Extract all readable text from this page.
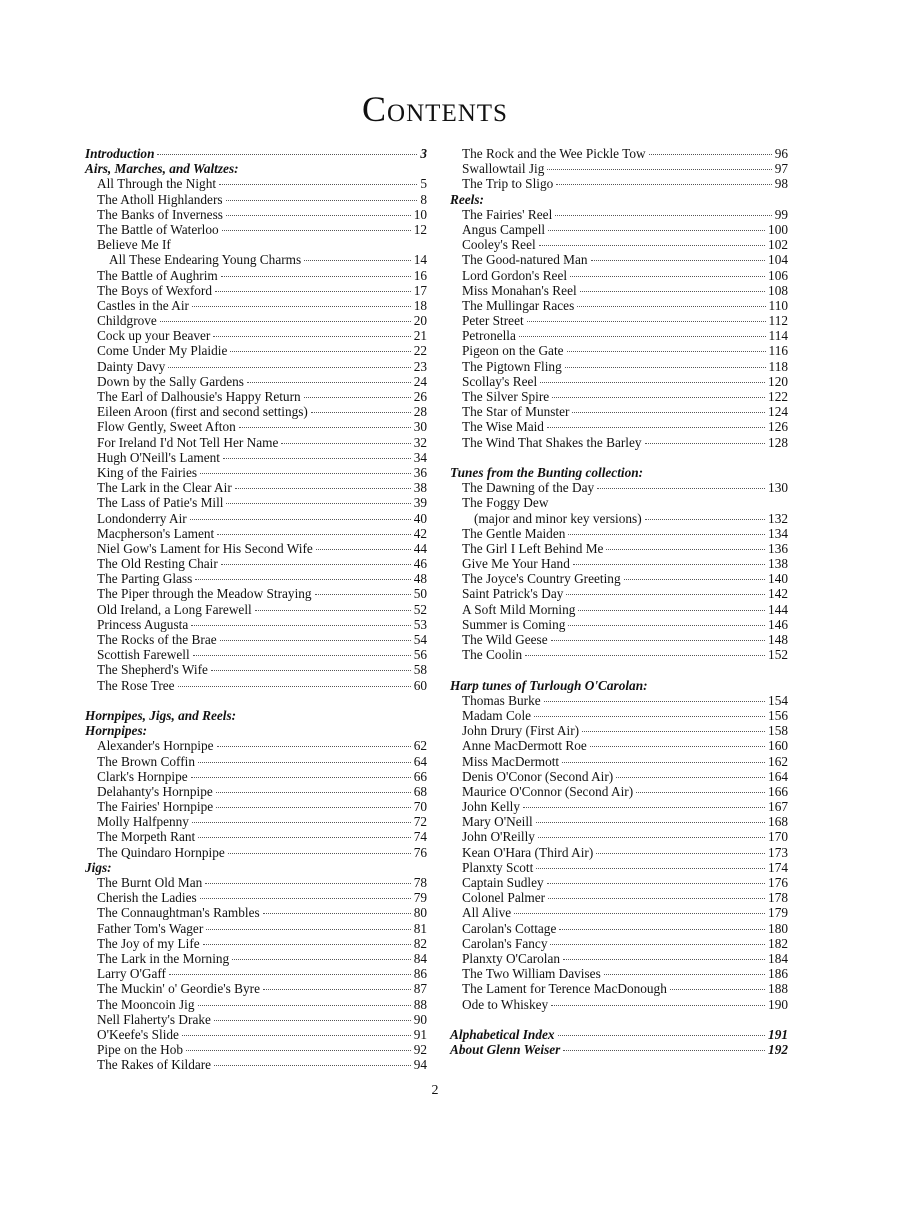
Contents
Introduction	3
Airs, Marches, and Waltzes:
All Through the Night	5
The Atholl Highlanders	8
The Banks of Inverness	10
The Battle of Waterloo	12
Believe Me If
All These Endearing Young Charms	14
The Battle of Aughrim	16
The Boys of Wexford	17
Castles in the Air	18
Childgrove	20
Cock up your Beaver	21
Come Under My Plaidie	22
Dainty Davy	23
Down by the Sally Gardens	24
The Earl of Dalhousie's Happy Return	26
Eileen Aroon (first and second settings)	28
Flow Gently, Sweet Afton	30
For Ireland I'd Not Tell Her Name	32
Hugh O'Neill's Lament	34
King of the Fairies	36
The Lark in the Clear Air	38
The Lass of Patie's Mill	39
Londonderry Air	40
Macpherson's Lament	42
Niel Gow's Lament for His Second Wife	44
The Old Resting Chair	46
The Parting Glass	48
The Piper through the Meadow Straying	50
Old Ireland, a Long Farewell	52
Princess Augusta	53
The Rocks of the Brae	54
Scottish Farewell	56
The Shepherd's Wife	58
The Rose Tree	60
Hornpipes, Jigs, and Reels:
Hornpipes:
Alexander's Hornpipe	62
The Brown Coffin	64
Clark's Hornpipe	66
Delahanty's Hornpipe	68
The Fairies' Hornpipe	70
Molly Halfpenny	72
The Morpeth Rant	74
The Quindaro Hornpipe	76
Jigs:
The Burnt Old Man	78
Cherish the Ladies	79
The Connaughtman's Rambles	80
Father Tom's Wager	81
The Joy of my Life	82
The Lark in the Morning	84
Larry O'Gaff	86
The Muckin' o' Geordie's Byre	87
The Mooncoin Jig	88
Nell Flaherty's Drake	90
O'Keefe's Slide	91
Pipe on the Hob	92
The Rakes of Kildare	94
The Rock and the Wee Pickle Tow	96
Swallowtail Jig	97
The Trip to Sligo	98
Reels:
The Fairies' Reel	99
Angus Campell	100
Cooley's Reel	102
The Good-natured Man	104
Lord Gordon's Reel	106
Miss Monahan's Reel	108
The Mullingar Races	110
Peter Street	112
Petronella	114
Pigeon on the Gate	116
The Pigtown Fling	118
Scollay's Reel	120
The Silver Spire	122
The Star of Munster	124
The Wise Maid	126
The Wind That Shakes the Barley	128
Tunes from the Bunting collection:
The Dawning of the Day	130
The Foggy Dew
(major and minor key versions)	132
The Gentle Maiden	134
The Girl I Left Behind Me	136
Give Me Your Hand	138
The Joyce's Country Greeting	140
Saint Patrick's Day	142
A Soft Mild Morning	144
Summer is Coming	146
The Wild Geese	148
The Coolin	152
Harp tunes of Turlough O'Carolan:
Thomas Burke	154
Madam Cole	156
John Drury (First Air)	158
Anne MacDermott Roe	160
Miss MacDermott	162
Denis O'Conor (Second Air)	164
Maurice O'Connor (Second Air)	166
John Kelly	167
Mary O'Neill	168
John O'Reilly	170
Kean O'Hara (Third Air)	173
Planxty Scott	174
Captain Sudley	176
Colonel Palmer	178
All Alive	179
Carolan's Cottage	180
Carolan's Fancy	182
Planxty O'Carolan	184
The Two William Davises	186
The Lament for Terence MacDonough	188
Ode to Whiskey	190
Alphabetical Index	191
About Glenn Weiser	192
2
